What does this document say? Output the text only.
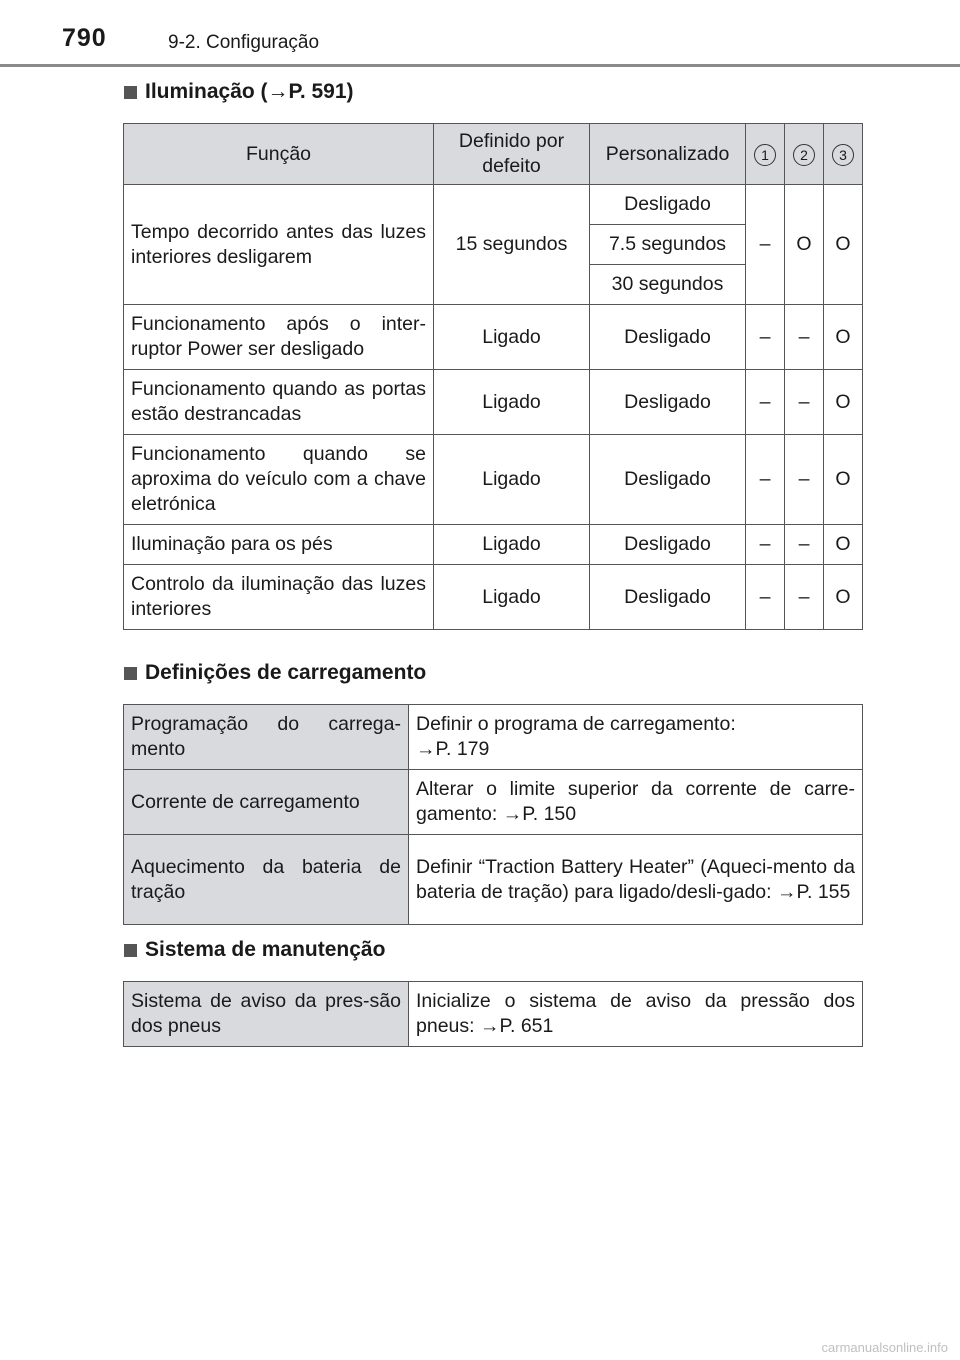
790	9-2. Configuração
Iluminação ( → P. 591 )
Função	Definido por defeito	Personalizado	1	2	3
Tempo decorrido antes das luzes interiores desligarem	15 segundos	Desligado	–	O	O
		7.5 segundos			
		30 segundos			
Funcionamento após o inter-ruptor Power ser desligado	Ligado	Desligado	–	–	O
Funcionamento quando as portas estão destrancadas	Ligado	Desligado	–	–	O
Funcionamento quando se aproxima do veículo com a chave eletrónica	Ligado	Desligado	–	–	O
Iluminação para os pés	Ligado	Desligado	–	–	O
Controlo da iluminação das luzes interiores	Ligado	Desligado	–	–	O
Definições de carregamento
Programação do carrega-mento	Definir o programa de carregamento:
→P. 179
Corrente de carregamento	Alterar o limite superior da corrente de carre-gamento: →P. 150
Aquecimento da bateria de tração	Definir “Traction Battery Heater” (Aqueci-mento da bateria de tração) para ligado/desli-gado: →P. 155
Sistema de manutenção
Sistema de aviso da pres-são dos pneus	Inicialize o sistema de aviso da pressão dos pneus: →P. 651
carmanualsonline.info
